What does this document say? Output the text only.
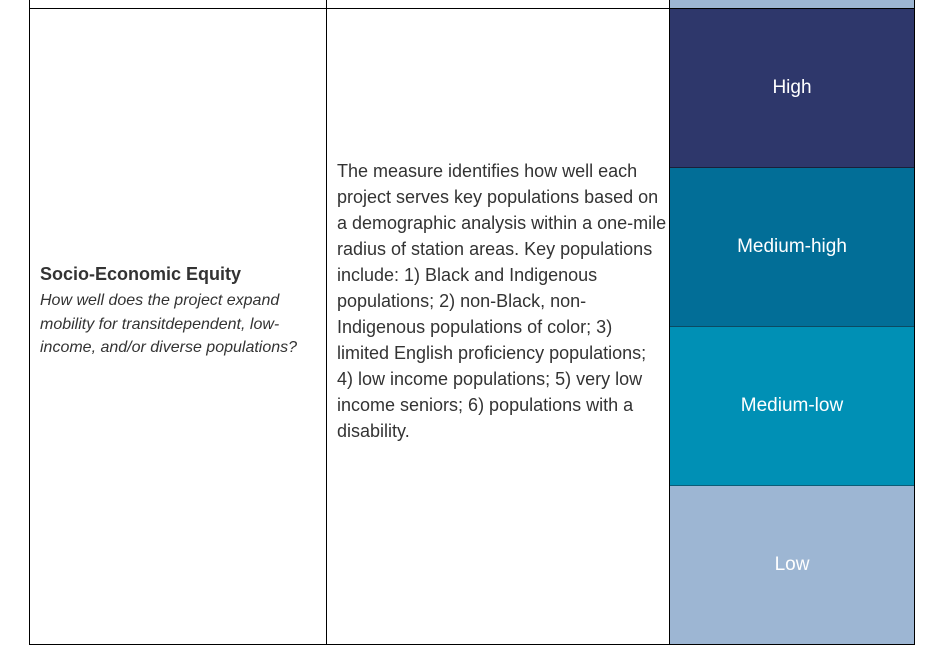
High
Medium-high
Medium-low
Low

Socio-Economic Equity

How well does the project expand mobility for transitdependent, low-income, and/or diverse populations?

The measure identifies how well each project serves key populations based on a demographic analysis within a one-mile radius of station areas. Key populations include: 1) Black and Indigenous populations; 2) non-Black, non-Indigenous populations of color; 3) limited English proficiency populations; 4) low income populations; 5) very low income seniors; 6) populations with a disability.
